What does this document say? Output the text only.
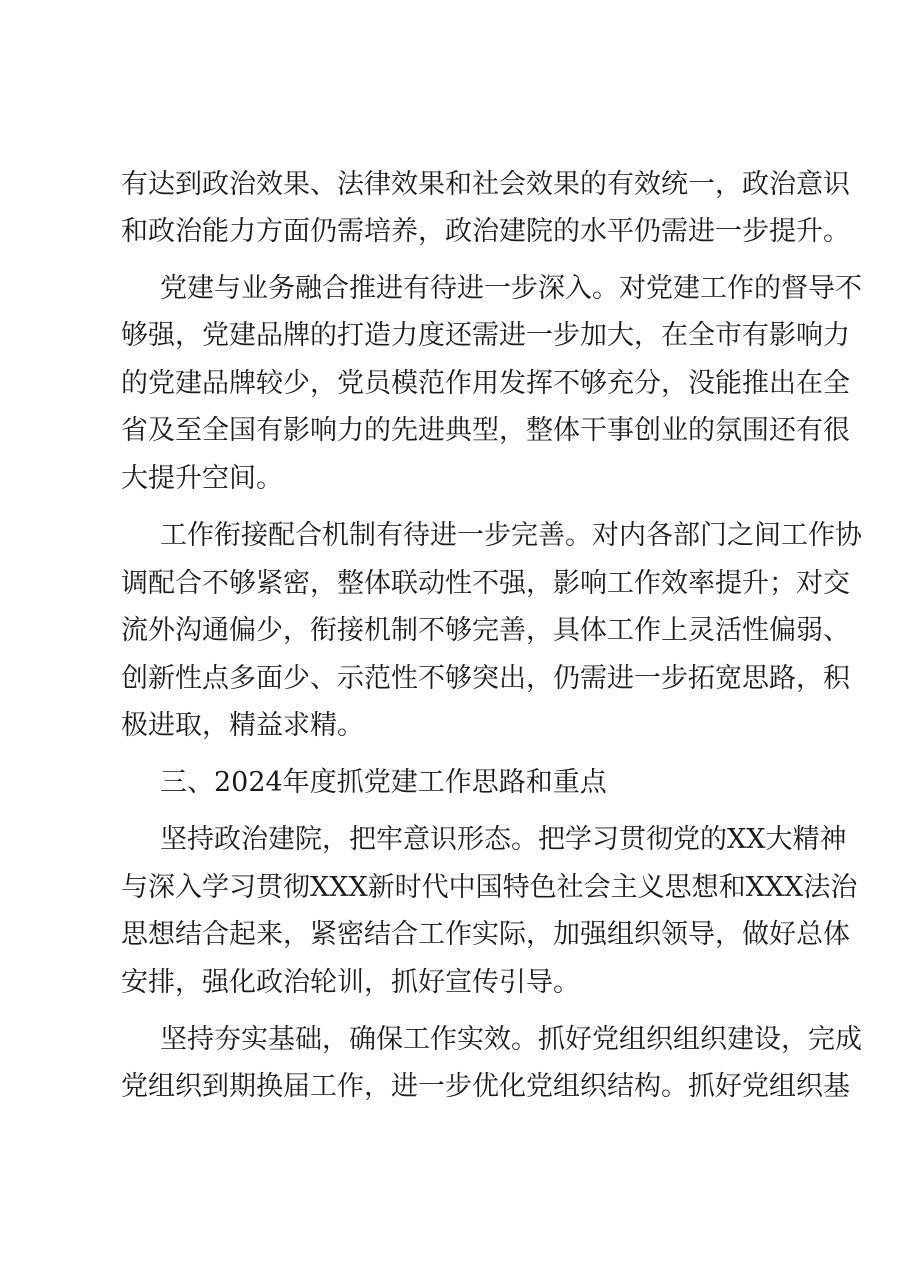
有达到政治效果、法律效果和社会效果的有效统一，政治意识
和政治能力方面仍需培养，政治建院的水平仍需进一步提升。
党建与业务融合推进有待进一步深入。对党建工作的督导不
够强，党建品牌的打造力度还需进一步加大，在全市有影响力
的党建品牌较少，党员模范作用发挥不够充分，没能推出在全
省及至全国有影响力的先进典型，整体干事创业的氛围还有很
大提升空间。
工作衔接配合机制有待进一步完善。对内各部门之间工作协
调配合不够紧密，整体联动性不强，影响工作效率提升；对交
流外沟通偏少，衔接机制不够完善，具体工作上灵活性偏弱、
创新性点多面少、示范性不够突出，仍需进一步拓宽思路，积
极进取，精益求精。
三、2024年度抓党建工作思路和重点
坚持政治建院，把牢意识形态。把学习贯彻党的XX大精神
与深入学习贯彻XXX新时代中国特色社会主义思想和XXX法治
思想结合起来，紧密结合工作实际，加强组织领导，做好总体
安排，强化政治轮训，抓好宣传引导。
坚持夯实基础，确保工作实效。抓好党组织组织建设，完成
党组织到期换届工作，进一步优化党组织结构。抓好党组织基
